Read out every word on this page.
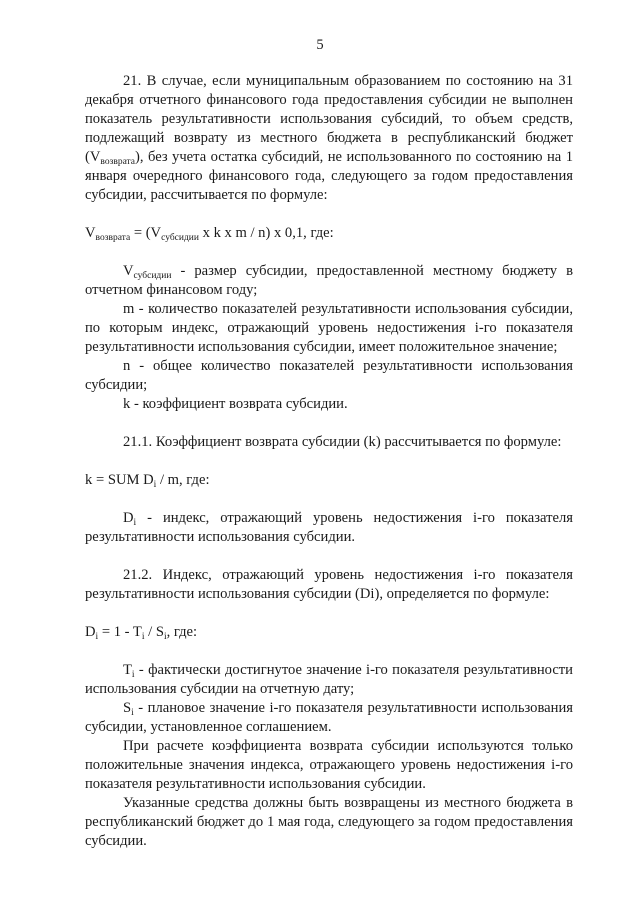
5

21. В случае, если муниципальным образованием по состоянию на 31 декабря отчетного финансового года предоставления субсидии не выполнен показатель результативности использования субсидий, то объем средств, подлежащий возврату из местного бюджета в республиканский бюджет $(V_{возврата})$, без учета остатка субсидий, не использованного по состоянию на 1 января очередного финансового года, следующего за годом предоставления субсидии, рассчитывается по формуле:

$V_{возврата} = (V_{субсидии}$ x k x m / n) x 0,1, где:

$V_{субсидии}$ - размер субсидии, предоставленной местному бюджету в отчетном финансовом году;

m - количество показателей результативности использования субсидии, по которым индекс, отражающий уровень недостижения i-го показателя результативности использования субсидии, имеет положительное значение;

n - общее количество показателей результативности использования субсидии;

k - коэффициент возврата субсидии.

21.1. Коэффициент возврата субсидии (k) рассчитывается по формуле:

k = SUM $D_i$ / m, где:

$D_i$ - индекс, отражающий уровень недостижения i-го показателя результативности использования субсидии.

21.2. Индекс, отражающий уровень недостижения i-го показателя результативности использования субсидии (Di), определяется по формуле:

$D_i = 1 - T_i / S_i$, где:

$T_i$ - фактически достигнутое значение i-го показателя результативности использования субсидии на отчетную дату;

$S_i$ - плановое значение i-го показателя результативности использования субсидии, установленное соглашением.

При расчете коэффициента возврата субсидии используются только положительные значения индекса, отражающего уровень недостижения i-го показателя результативности использования субсидии.

Указанные средства должны быть возвращены из местного бюджета в республиканский бюджет до 1 мая года, следующего за годом предоставления субсидии.
